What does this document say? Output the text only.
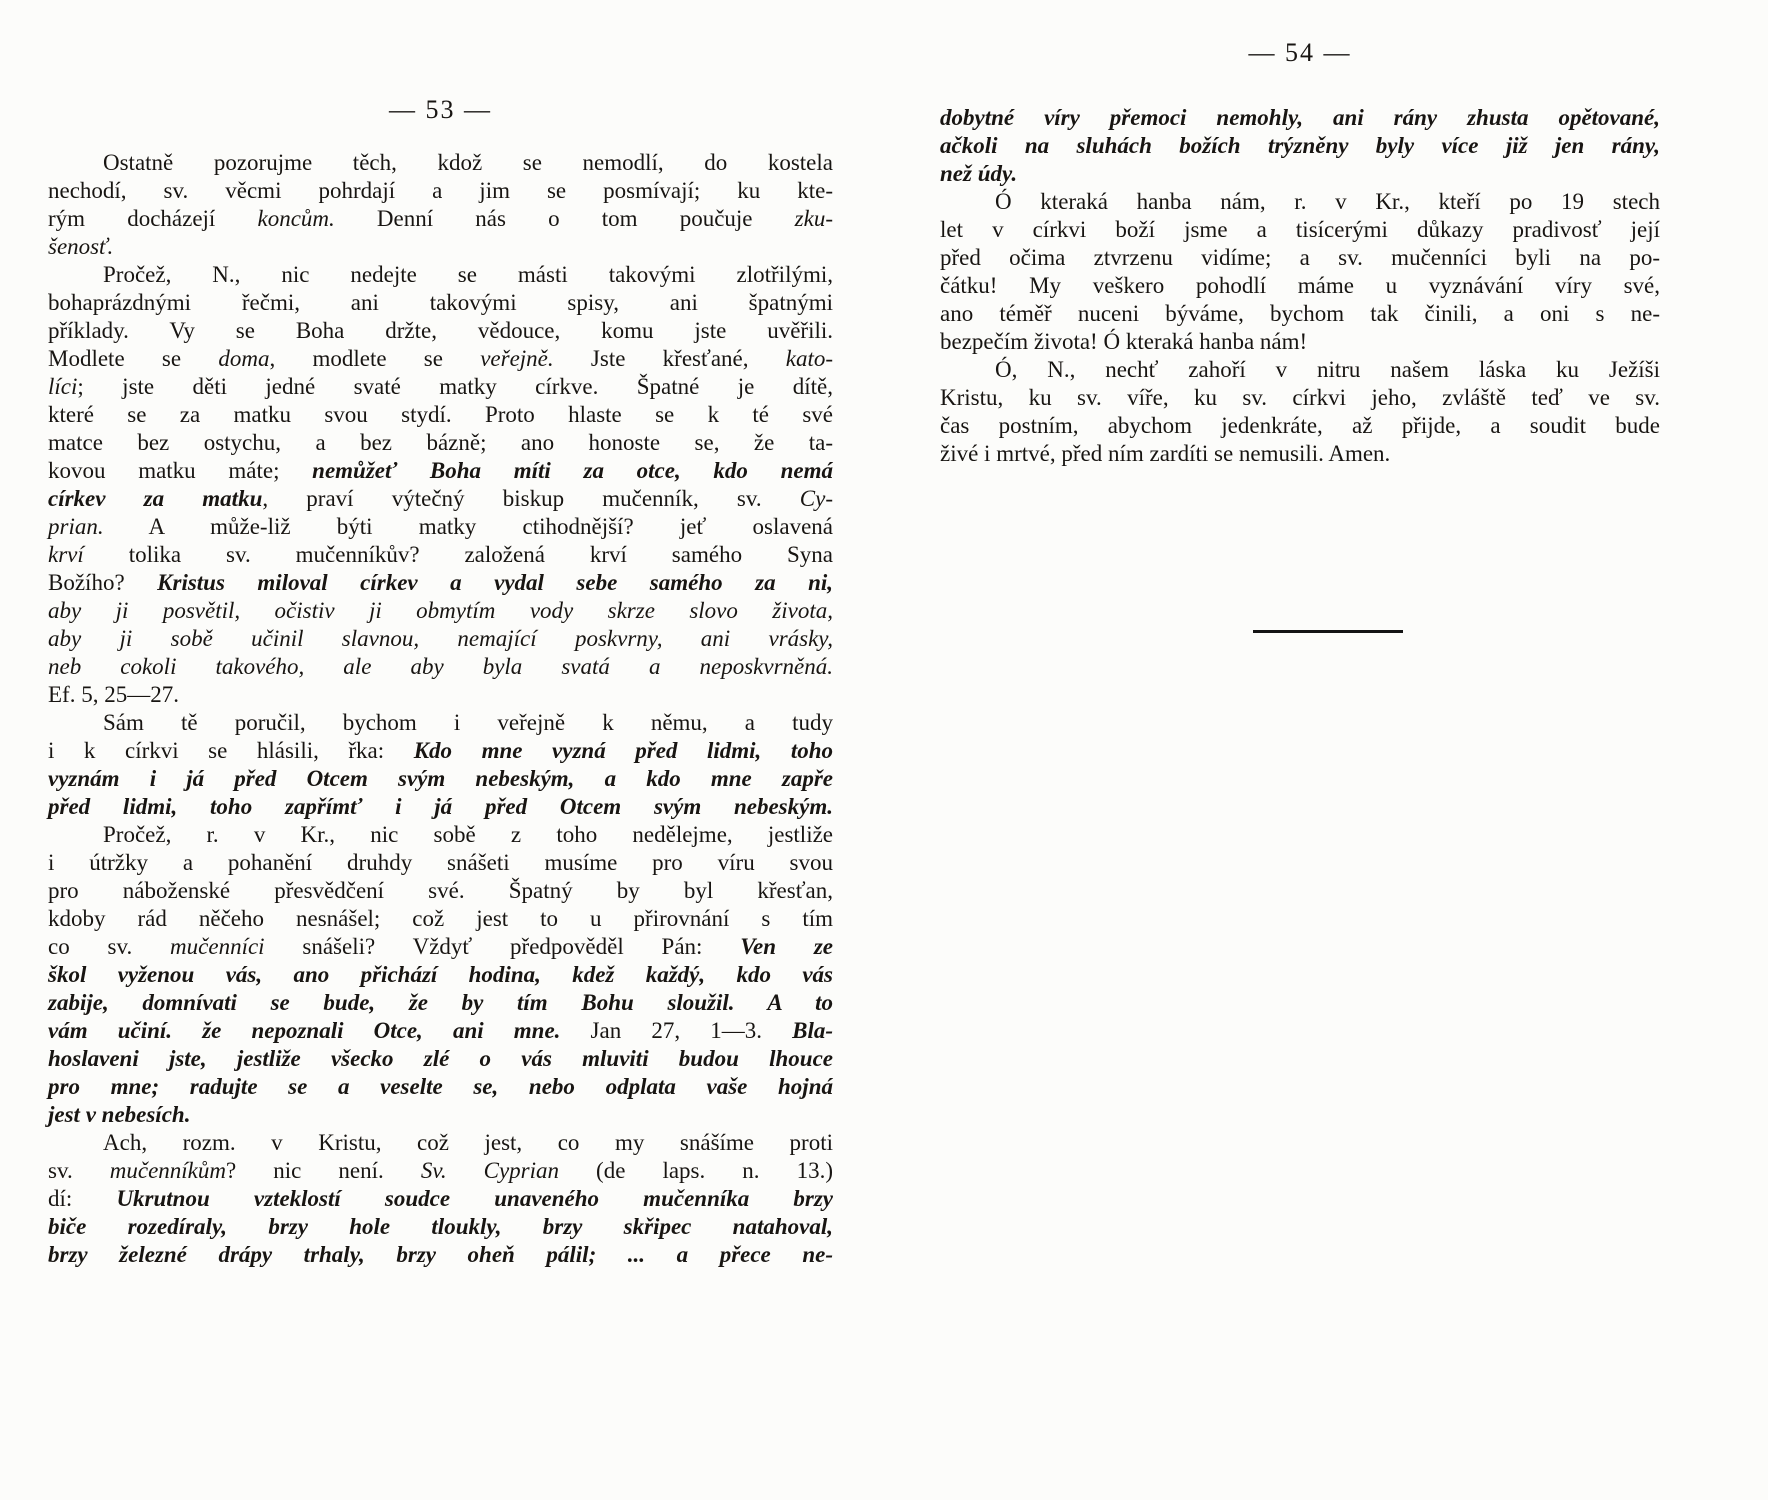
— 53 —
Ostatně pozorujme těch, kdož se nemodlí, do kostela
nechodí, sv. věcmi pohrdají a jim se posmívají; ku kte-
rým docházejí koncům. Denní nás o tom poučuje zku-
šenosť.
Pročež, N., nic nedejte se másti takovými zlotřilými,
bohaprázdnými řečmi, ani takovými spisy, ani špatnými
příklady. Vy se Boha držte, vědouce, komu jste uvěřili.
Modlete se doma, modlete se veřejně. Jste křesťané, kato-
líci; jste děti jedné svaté matky církve. Špatné je dítě,
které se za matku svou stydí. Proto hlaste se k té své
matce bez ostychu, a bez bázně; ano honoste se, že ta-
kovou matku máte; nemůžeť Boha míti za otce, kdo nemá
církev za matku, praví výtečný biskup mučenník, sv. Cy-
prian. A může-liž býti matky ctihodnější? jeť oslavená
krví tolika sv. mučenníkův? založená krví samého Syna
Božího? Kristus miloval církev a vydal sebe samého za ni,
aby ji posvětil, očistiv ji obmytím vody skrze slovo života,
aby ji sobě učinil slavnou, nemající poskvrny, ani vrásky,
neb cokoli takového, ale aby byla svatá a neposkvrněná.
Ef. 5, 25—27.
Sám tě poručil, bychom i veřejně k němu, a tudy
i k církvi se hlásili, řka: Kdo mne vyzná před lidmi, toho
vyznám i já před Otcem svým nebeským, a kdo mne zapře
před lidmi, toho zapřímť i já před Otcem svým nebeským.
Pročež, r. v Kr., nic sobě z toho nedělejme, jestliže
i útržky a pohanění druhdy snášeti musíme pro víru svou
pro náboženské přesvědčení své. Špatný by byl křesťan,
kdoby rád něčeho nesnášel; což jest to u přirovnání s tím
co sv. mučenníci snášeli? Vždyť předpověděl Pán: Ven ze
škol vyženou vás, ano přichází hodina, kdež každý, kdo vás
zabije, domnívati se bude, že by tím Bohu sloužil. A to
vám učiní. že nepoznali Otce, ani mne. Jan 27, 1—3. Bla-
hoslaveni jste, jestliže všecko zlé o vás mluviti budou lhouce
pro mne; radujte se a veselte se, nebo odplata vaše hojná
jest v nebesích.
Ach, rozm. v Kristu, což jest, co my snášíme proti
sv. mučenníkům? nic není. Sv. Cyprian (de laps. n. 13.)
dí: Ukrutnou vzteklostí soudce unaveného mučenníka brzy
biče rozedíraly, brzy hole tloukly, brzy skřipec natahoval,
brzy železné drápy trhaly, brzy oheň pálil; ... a přece ne-
— 54 —
dobytné víry přemoci nemohly, ani rány zhusta opětované,
ačkoli na sluhách božích trýzněny byly více již jen rány,
než údy.
Ó kteraká hanba nám, r. v Kr., kteří po 19 stech
let v církvi boží jsme a tisícerými důkazy pradivosť její
před očima ztvrzenu vidíme; a sv. mučenníci byli na po-
čátku! My veškero pohodlí máme u vyznávání víry své,
ano téměř nuceni býváme, bychom tak činili, a oni s ne-
bezpečím života! Ó kteraká hanba nám!
Ó, N., nechť zahoří v nitru našem láska ku Ježíši
Kristu, ku sv. víře, ku sv. církvi jeho, zvláště teď ve sv.
čas postním, abychom jedenkráte, až přijde, a soudit bude
živé i mrtvé, před ním zardíti se nemusili. Amen.
